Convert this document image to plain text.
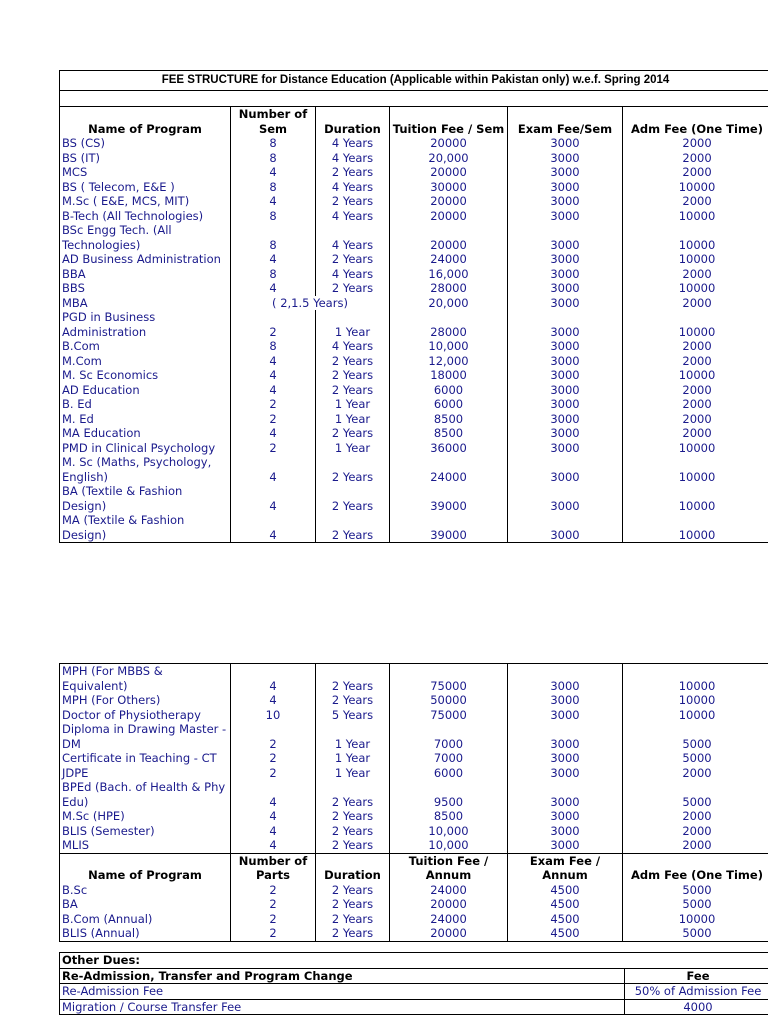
FEE STRUCTURE for Distance Education (Applicable within Pakistan only) w.e.f. Spring 2014					

Name of Program	Number of Sem	Duration	Tuition Fee / Sem	Exam Fee/Sem	Adm Fee (One Time)
BS (CS)	8	4 Years	20000	3000	2000
BS (IT)	8	4 Years	20,000	3000	2000
MCS	4	2 Years	20000	3000	2000
BS ( Telecom, E&E )	8	4 Years	30000	3000	10000
M.Sc ( E&E, MCS, MIT)	4	2 Years	20000	3000	2000
B-Tech (All Technologies)	8	4 Years	20000	3000	10000
BSc Engg Tech. (All Technologies)	8	4 Years	20000	3000	10000
AD Business Administration	4	2 Years	24000	3000	10000
BBA	8	4 Years	16,000	3000	2000
BBS	4	2 Years	28000	3000	10000
MBA	( 2,1.5 Years)		20,000	3000	2000
PGD in Business Administration	2	1 Year	28000	3000	10000
B.Com	8	4 Years	10,000	3000	2000
M.Com	4	2 Years	12,000	3000	2000
M. Sc Economics	4	2 Years	18000	3000	10000
AD Education	4	2 Years	6000	3000	2000
B. Ed	2	1 Year	6000	3000	2000
M. Ed	2	1 Year	8500	3000	2000
MA Education	4	2 Years	8500	3000	2000
PMD in Clinical Psychology	2	1 Year	36000	3000	10000
M. Sc (Maths, Psychology, English)	4	2 Years	24000	3000	10000
BA (Textile & Fashion Design)	4	2 Years	39000	3000	10000
MA (Textile & Fashion Design)	4	2 Years	39000	3000	10000
MPH (For MBBS & Equivalent)	4	2 Years	75000	3000	10000
MPH (For Others)	4	2 Years	50000	3000	10000
Doctor of Physiotherapy	10	5 Years	75000	3000	10000
Diploma in Drawing Master - DM	2	1 Year	7000	3000	5000
Certificate in Teaching - CT	2	1 Year	7000	3000	5000
JDPE	2	1 Year	6000	3000	2000
BPEd (Bach. of Health & Phy Edu)	4	2 Years	9500	3000	5000
M.Sc (HPE)	4	2 Years	8500	3000	2000
BLIS (Semester)	4	2 Years	10,000	3000	2000
MLIS	4	2 Years	10,000	3000	2000
Name of Program	Number of Parts	Duration	Tuition Fee / Annum	Exam Fee / Annum	Adm Fee (One Time)
B.Sc	2	2 Years	24000	4500	5000
BA	2	2 Years	20000	4500	5000
B.Com (Annual)	2	2 Years	24000	4500	10000
BLIS (Annual)	2	2 Years	20000	4500	5000
Other Dues:	
Re-Admission, Transfer and Program Change	Fee
Re-Admission Fee	50% of Admission Fee
Migration / Course Transfer Fee	4000
